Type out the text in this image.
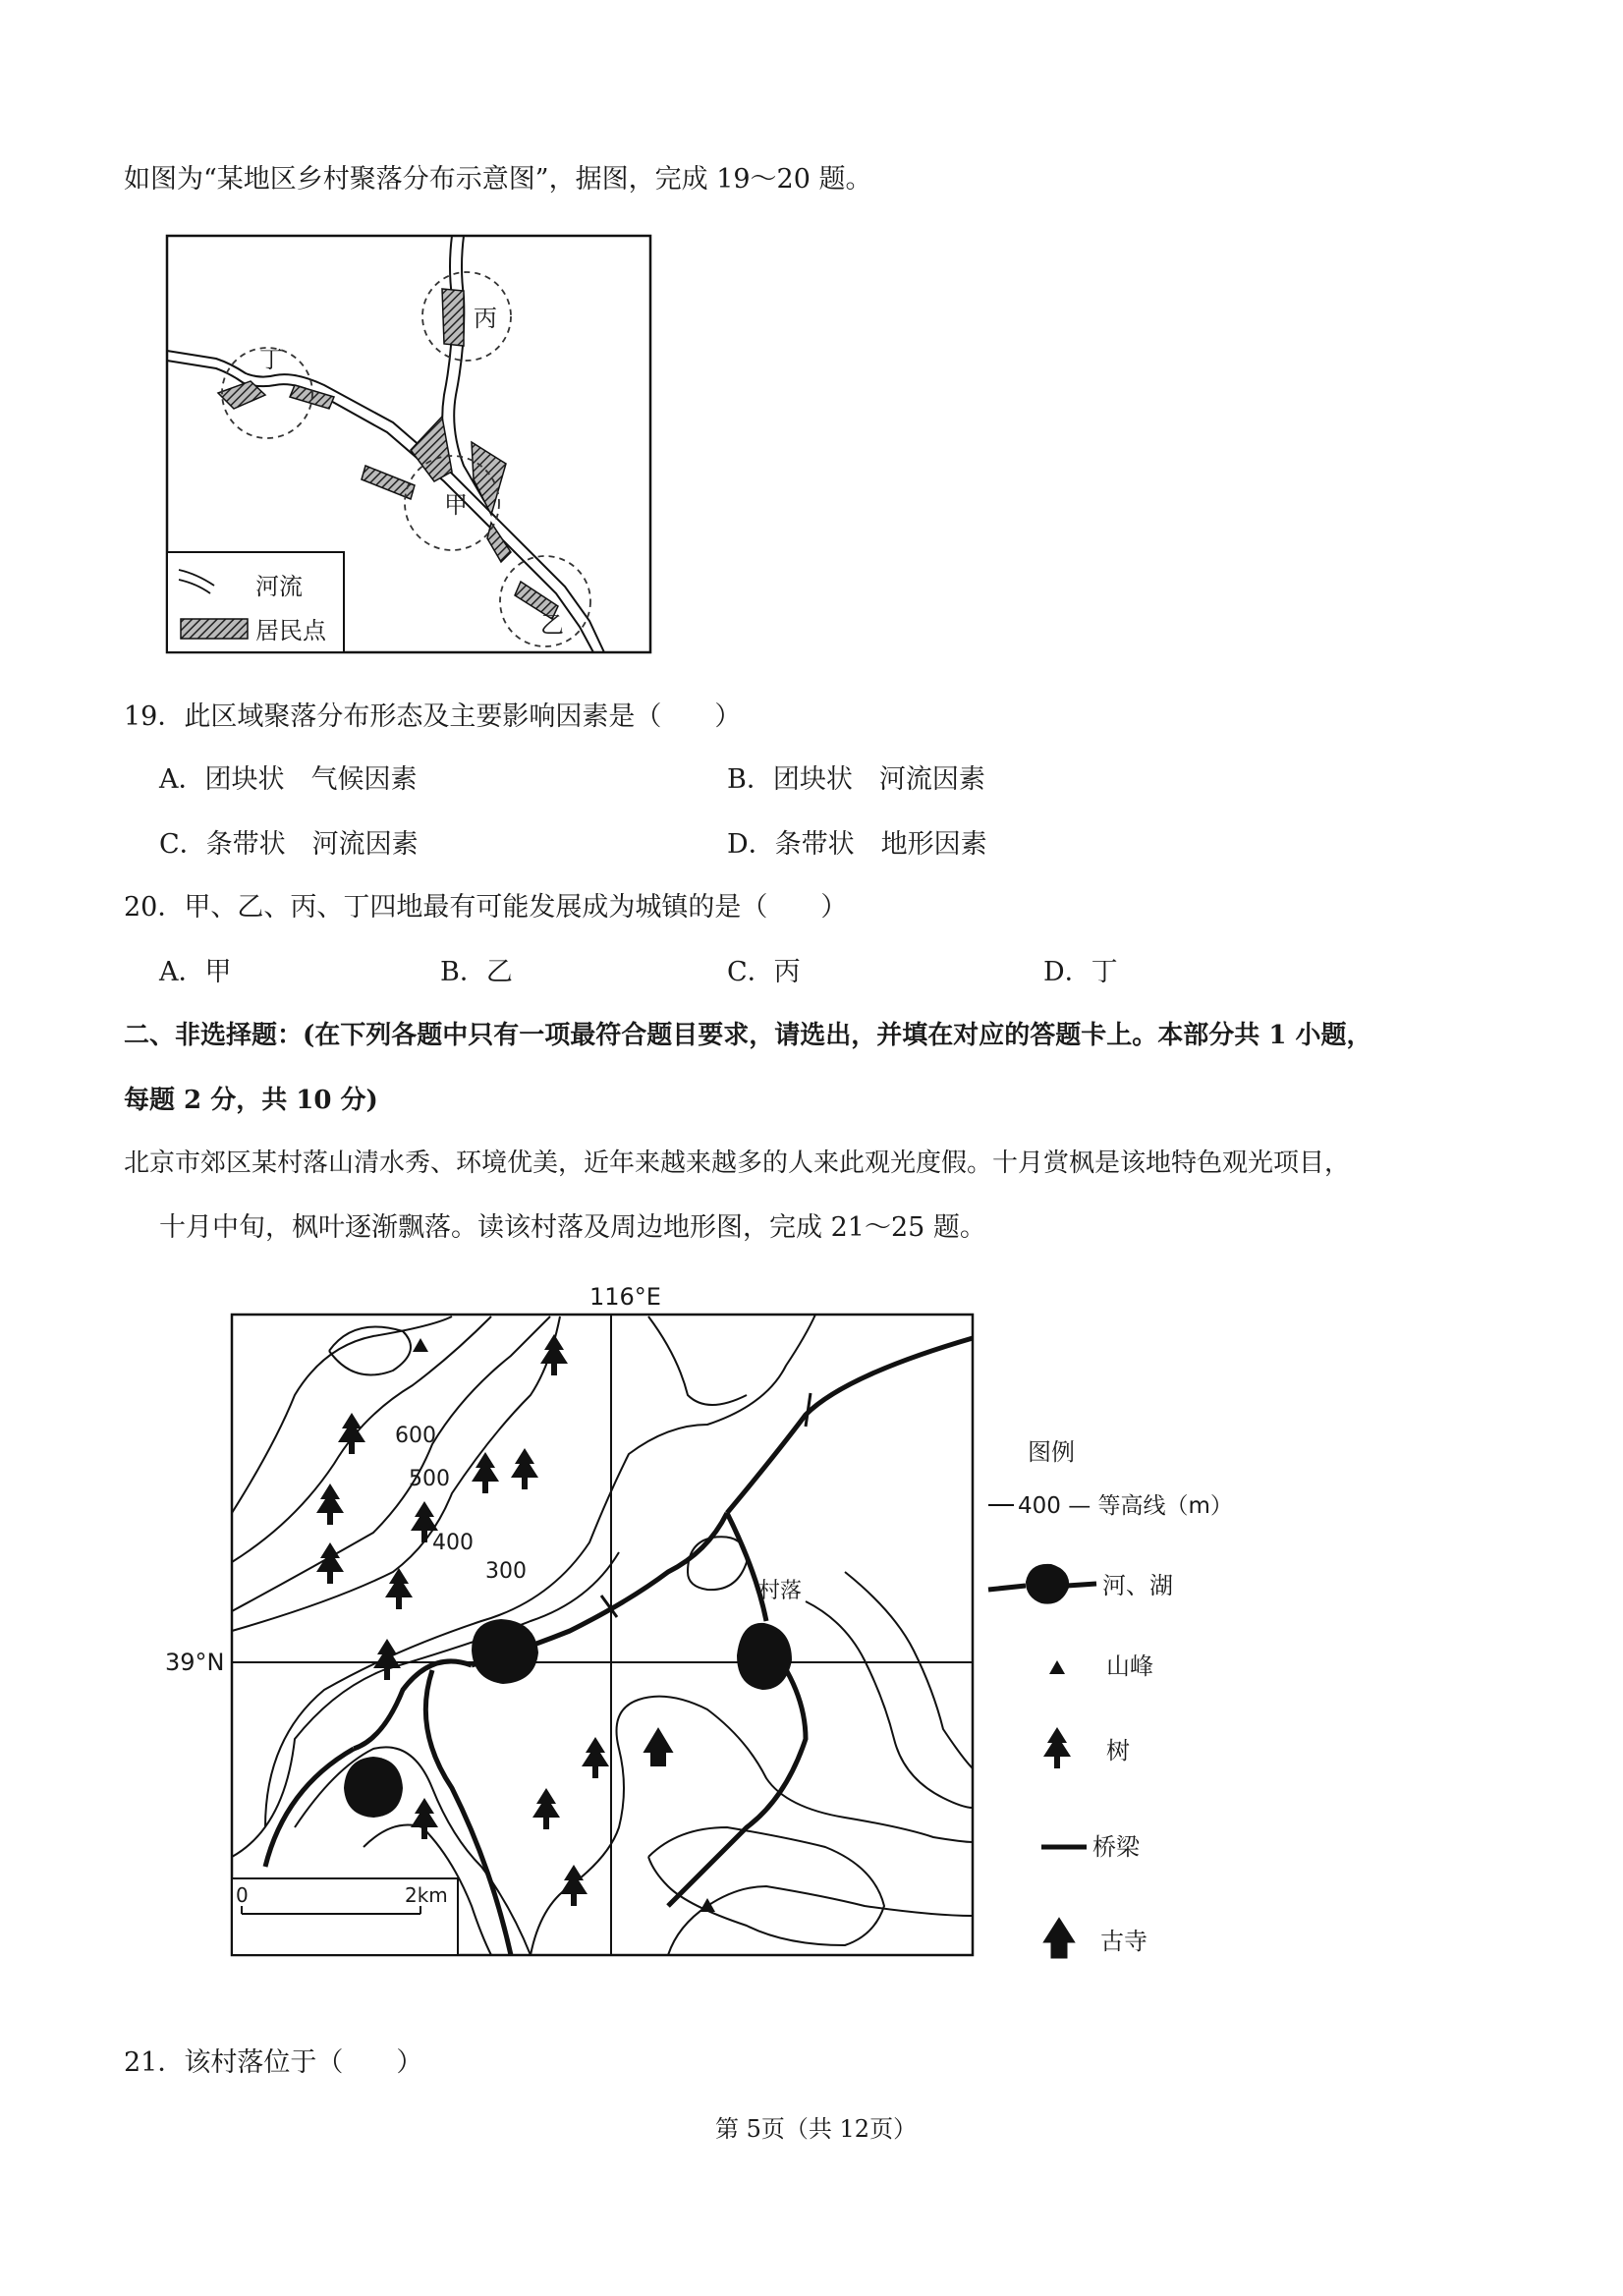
如图为“某地区乡村聚落分布示意图”，据图，完成 19～20 题。
丙
丁
甲
乙
河流
居民点
19．此区域聚落分布形态及主要影响因素是（　　）
A．团块状　气候因素	B．团块状　河流因素
C．条带状　河流因素	D．条带状　地形因素
20．甲、乙、丙、丁四地最有可能发展成为城镇的是（　　）
A．甲	B．乙	C．丙	D．丁
二、非选择题：(在下列各题中只有一项最符合题目要求，请选出，并填在对应的答题卡上。本部分共 1 小题，
每题 2 分，共 10 分)
北京市郊区某村落山清水秀、环境优美，近年来越来越多的人来此观光度假。十月赏枫是该地特色观光项目，
十月中旬，枫叶逐渐飘落。读该村落及周边地形图，完成 21～25 题。
116°E
39°N
600
500
400
300
村落
0	2km
图例
400 — 等高线（m）
河、湖
山峰
树
桥梁
古寺
21．该村落位于（　　）
第 5页（共 12页）
